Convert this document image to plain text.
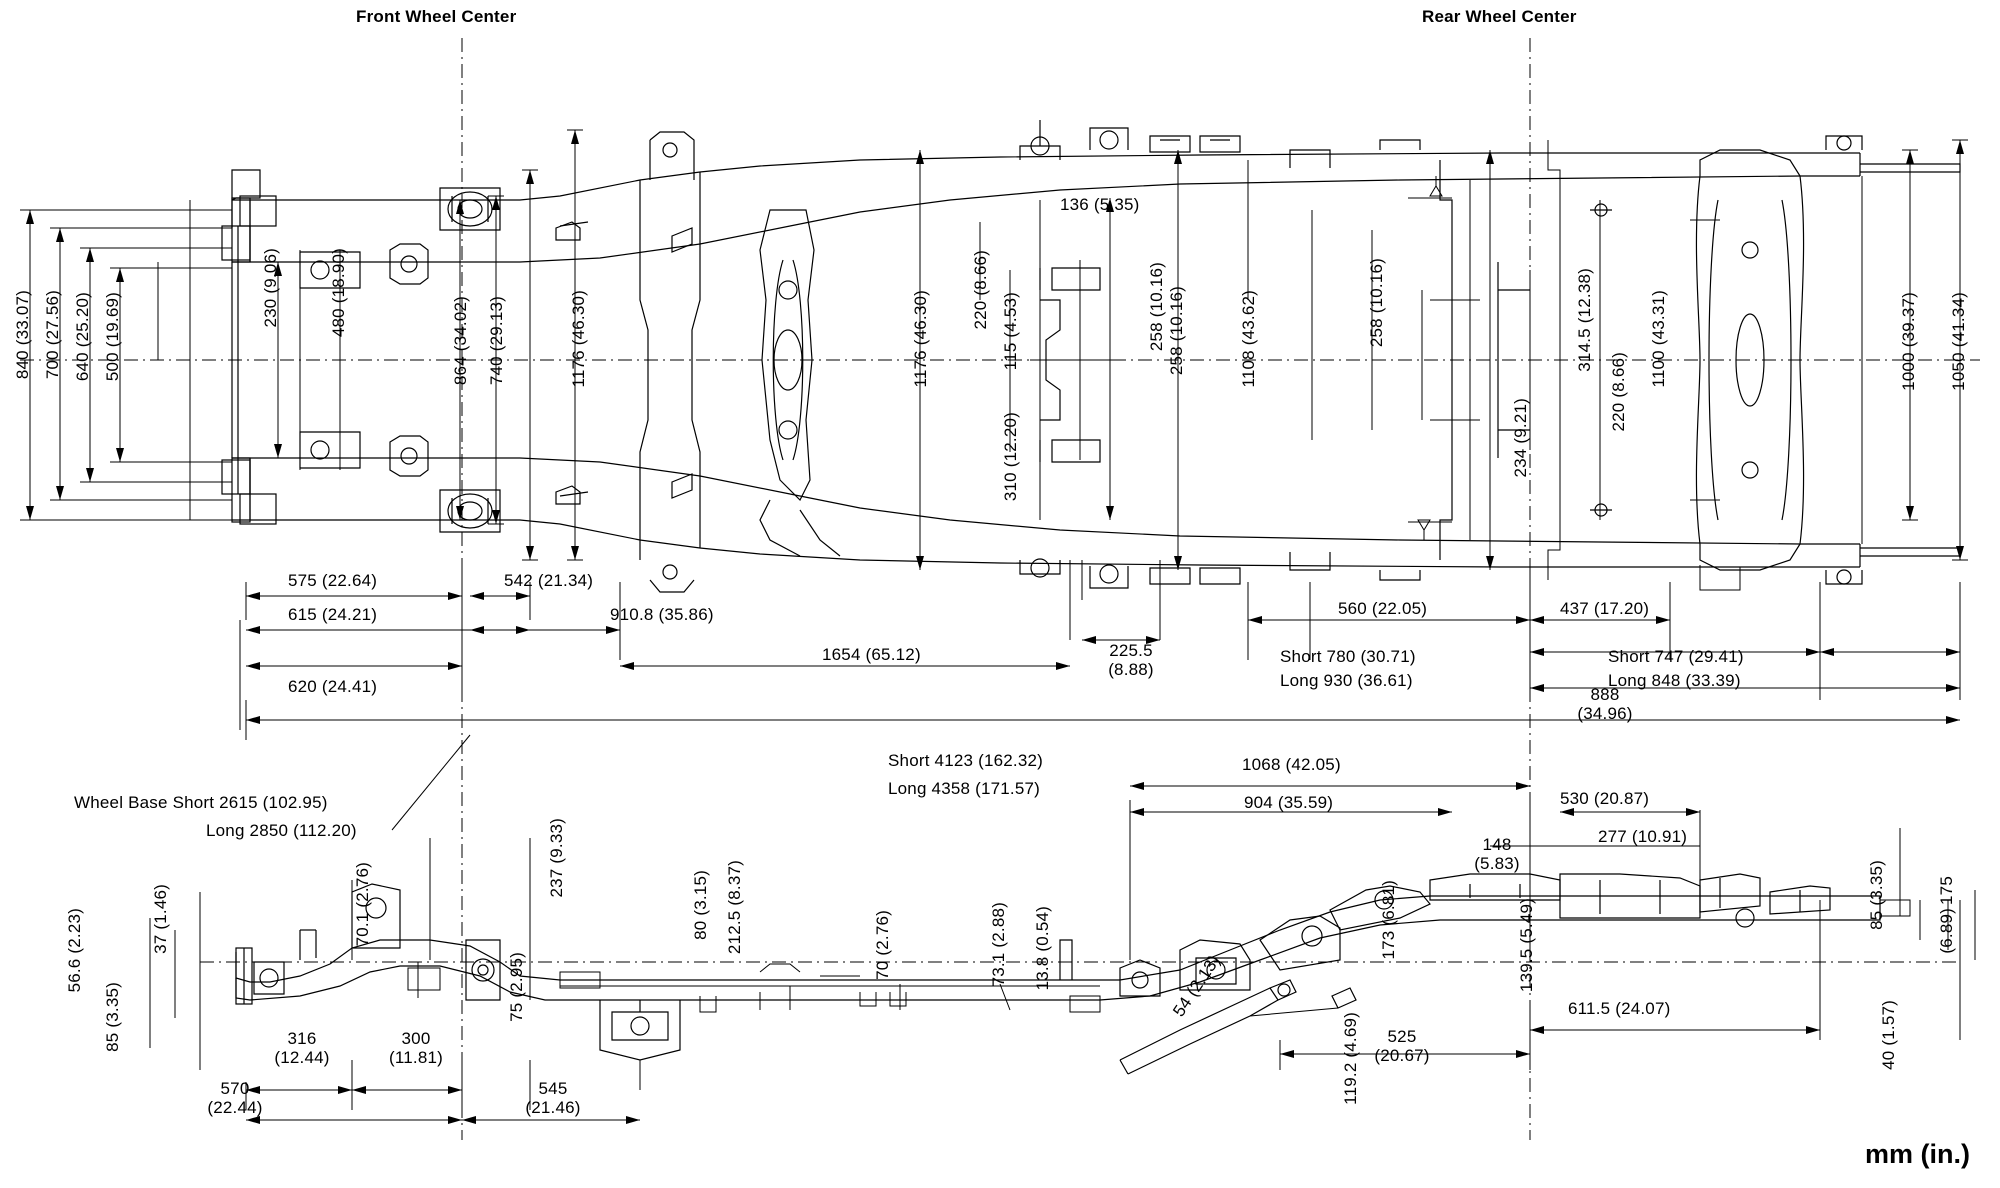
Front Wheel Center	Rear Wheel Center
840 (33.07) 700 (27.56) 640 (25.20) 500 (19.69)
230 (9.06)	480 (18.90)
864 (34.02) 740 (29.13)	1176 (46.30)	1176 (46.30)
220 (8.66)
115 (4.53)
310 (12.20)
258 (10.16)	1108 (43.62)	258 (10.16)	314.5 (12.38)
220 (8.66)
234 (9.21)
1100 (43.31)
136 (5.35)
258 (10.16)	1000 (39.37) 1050 (41.34)
575 (22.64)
615 (24.21)
620 (24.41)
542 (21.34)
910.8 (35.86)
1654 (65.12)	225.5
(8.88)
560 (22.05)	437 (17.20)
Short 780 (30.71)
Long 930 (36.61)
Short 747 (29.41)
Long 848 (33.39)
888
(34.96)
Wheel Base Short 2615 (102.95)
Long 2850 (112.20)
Short 4123 (162.32)
Long 4358 (171.57)
1068 (42.05)
904 (35.59)	530 (20.87)
277 (10.91)
148
(5.83)
56.6 (2.23)	37 (1.46)
85 (3.35)
70.1 (2.76)
75 (2.95)
237 (9.33)
80 (3.15) 212.5 (8.37)	70 (2.76)	73.1 (2.88) 13.8 (0.54)	173 (6.81)	139.5 (5.49)
119.2 (4.69)
54 (2.13)
85 (3.35)	175
(6.89)
40 (1.57)
316
(12.44)
300
(11.81)
570
(22.44)
545
(21.46)
525
(20.67)
611.5 (24.07)
mm (in.)
